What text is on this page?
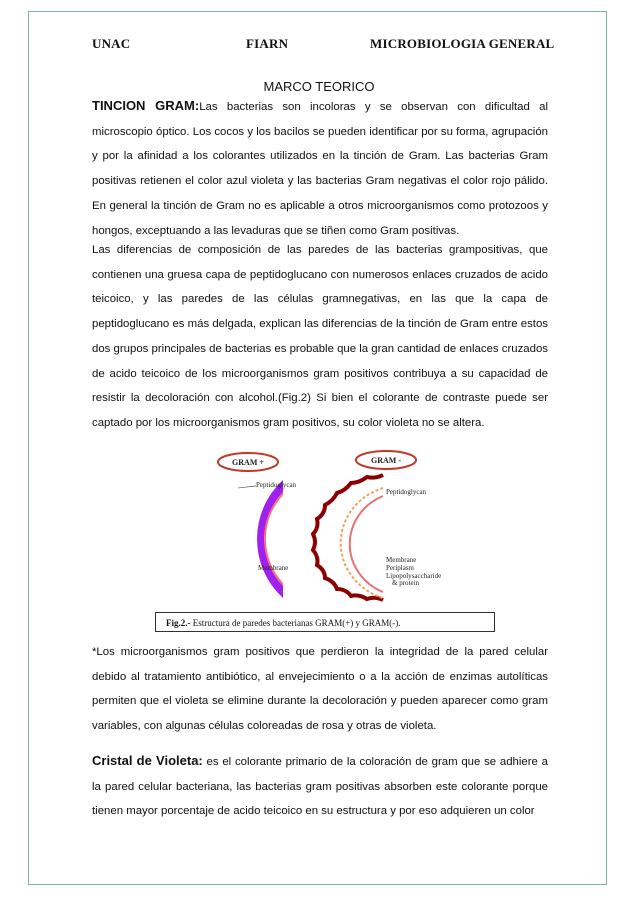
UNAC	FIARN	MICROBIOLOGIA GENERAL
MARCO TEORICO

TINCION GRAM:Las bacterias son incoloras y se observan con dificultad al microscopio óptico. Los cocos y los bacilos se pueden identificar por su forma, agrupación y por la afinidad a los colorantes utilizados en la tinción de Gram. Las bacterias Gram positivas retienen el color azul violeta y las bacterias Gram negativas el color rojo pálido. En general la tinción de Gram no es aplicable a otros microorganismos como protozoos y hongos, exceptuando a las levaduras que se tiñen como Gram positivas.

Las diferencias de composición de las paredes de las bacterias grampositivas, que contienen una gruesa capa de peptidoglucano con numerosos enlaces cruzados de acido teicoico, y las paredes de las células gramnegativas, en las que la capa de peptidoglucano es más delgada, explican las diferencias de la tinción de Gram entre estos dos grupos principales de bacterias es probable que la gran cantidad de enlaces cruzados de acido teicoico de los microorganismos gram positivos contribuya a su capacidad de resistir la decoloración con alcohol.(Fig.2) Si bien el colorante de contraste puede ser captado por los microorganismos gram positivos, su color violeta no se altera.

GRAM +
Peptidoglycan
Membrane
GRAM -
Peptidoglycan
Membrane
Periplasm
Lipopolysaccharide
& protein
Fig.2.- Estructura de paredes bacterianas GRAM(+) y GRAM(-).

*Los microorganismos gram positivos que perdieron la integridad de la pared celular debido al tratamiento antibiótico, al envejecimiento o a la acción de enzimas autolíticas permiten que el violeta se elimine durante la decoloración y pueden aparecer como gram variables, con algunas células coloreadas de rosa y otras de violeta.

Cristal de Violeta: es el colorante primario de la coloración de gram que se adhiere a la pared celular bacteriana, las bacterias gram positivas absorben este colorante porque tienen mayor porcentaje de acido teicoico en su estructura y por eso adquieren un color
